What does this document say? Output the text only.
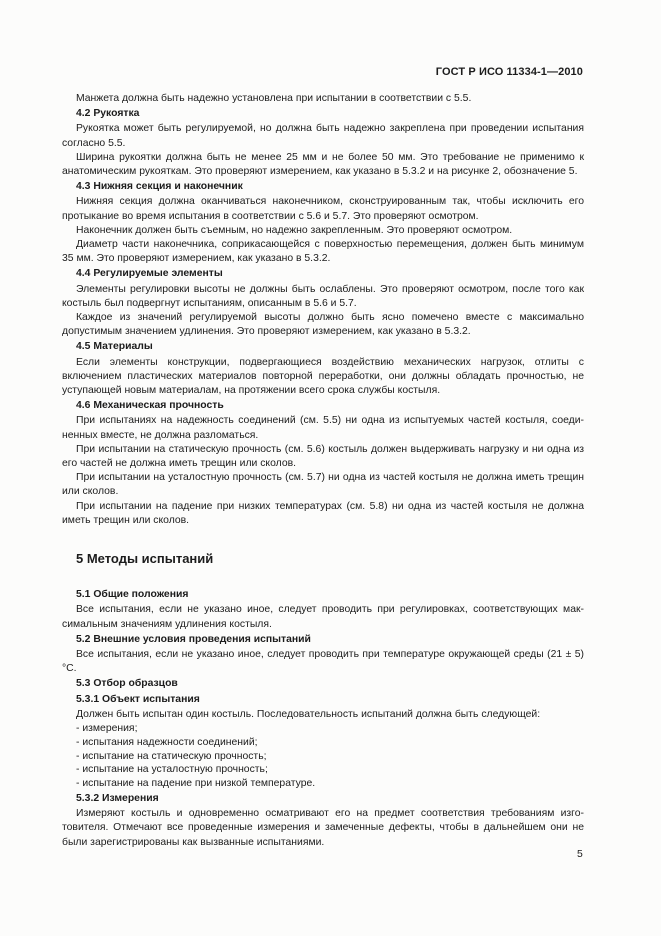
ГОСТ Р ИСО 11334-1—2010

Манжета должна быть надежно установлена при испытании в соответствии с 5.5.

4.2 Рукоятка

Рукоятка может быть регулируемой, но должна быть надежно закреплена при проведении испытания согласно 5.5.

Ширина рукоятки должна быть не менее 25 мм и не более 50 мм. Это требование не применимо к анатомическим рукояткам. Это проверяют измерением, как указано в 5.3.2 и на рисунке 2, обозначение 5.

4.3 Нижняя секция и наконечник

Нижняя секция должна оканчиваться наконечником, сконструированным так, чтобы исключить его протыкание во время испытания в соответствии с 5.6 и 5.7. Это проверяют осмотром.

Наконечник должен быть съемным, но надежно закрепленным. Это проверяют осмотром.

Диаметр части наконечника, соприкасающейся с поверхностью перемещения, должен быть минимум 35 мм. Это проверяют измерением, как указано в 5.3.2.

4.4 Регулируемые элементы

Элементы регулировки высоты не должны быть ослаблены. Это проверяют осмотром, после того как костыль был подвергнут испытаниям, описанным в 5.6 и 5.7.

Каждое из значений регулируемой высоты должно быть ясно помечено вместе с максимально допустимым значением удлинения. Это проверяют измерением, как указано в 5.3.2.

4.5 Материалы

Если элементы конструкции, подвергающиеся воздействию механических нагрузок, отлиты с включением пластических материалов повторной переработки, они должны обладать прочностью, не уступающей новым материалам, на протяжении всего срока службы костыля.

4.6 Механическая прочность

При испытаниях на надежность соединений (см. 5.5) ни одна из испытуемых частей костыля, соединенных вместе, не должна разломаться.

При испытании на статическую прочность (см. 5.6) костыль должен выдерживать нагрузку и ни одна из его частей не должна иметь трещин или сколов.

При испытании на усталостную прочность (см. 5.7) ни одна из частей костыля не должна иметь трещин или сколов.

При испытании на падение при низких температурах (см. 5.8) ни одна из частей костыля не должна иметь трещин или сколов.

5 Методы испытаний
5.1 Общие положения

Все испытания, если не указано иное, следует проводить при регулировках, соответствующих максимальным значениям удлинения костыля.

5.2 Внешние условия проведения испытаний

Все испытания, если не указано иное, следует проводить при температуре окружающей среды (21 ± 5) °С.

5.3 Отбор образцов
5.3.1 Объект испытания

Должен быть испытан один костыль. Последовательность испытаний должна быть следующей:

- измерения;
- испытания надежности соединений;
- испытание на статическую прочность;
- испытание на усталостную прочность;
- испытание на падение при низкой температуре.
5.3.2 Измерения

Измеряют костыль и одновременно осматривают его на предмет соответствия требованиям изготовителя. Отмечают все проведенные измерения и замеченные дефекты, чтобы в дальнейшем они не были зарегистрированы как вызванные испытаниями.

5
